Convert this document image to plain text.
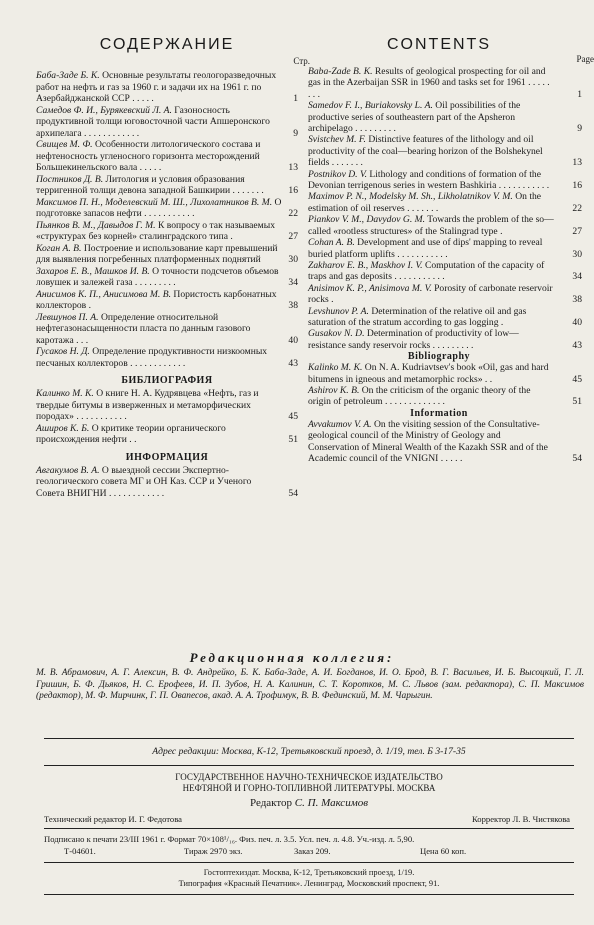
СОДЕРЖАНИЕ
Стр.
Баба-Заде Б. К. Основные результаты геологоразведочных работ на нефть и газ за 1960 г. и задачи их на 1961 г. по Азербайджанской ССР . . . . .	1
Самедов Ф. И., Бурякевский Л. А. Газоносность продуктивной толщи юговосточной части Апшеронского архипелага . . . . . . . . . . . .	9
Свищев М. Ф. Особенности литологического состава и нефтеносность угленосного горизонта месторождений Большекинельского вала . . . . .	13
Постников Д. В. Литология и условия образования терригенной толщи девона западной Башкирии . . . . . . .	16
Максимов П. Н., Моделевский М. Ш., Лихолатников В. М. О подготовке запасов нефти . . . . . . . . . . .	22
Пьянков В. М., Давыдов Г. М. К вопросу о так называемых «структурах без корней» сталинградского типа .	27
Коган А. В. Построение и использование карт превышений для выявления погребенных платформенных поднятий	30
Захаров Е. В., Машков И. В. О точности подсчетов объемов ловушек и залежей газа . . . . . . . . .	34
Анисимов К. П., Анисимова М. В. Пористость карбонатных коллекторов .	38
Левшунов П. А. Определение относительной нефтегазонасыщенности пласта по данным газового каротажа . . .	40
Гусаков Н. Д. Определение продуктивности низкоомных песчаных коллекторов . . . . . . . . . . . .	43
БИБЛИОГРАФИЯ
Калинко М. К. О книге Н. А. Кудрявцева «Нефть, газ и твердые битумы в изверженных и метаморфических породах» . . . . . . . . . . .	45
Аширов К. Б. О критике теории органического происхождения нефти . .	51
ИНФОРМАЦИЯ
Авгакумов В. А. О выездной сессии Экспертно-геологического совета МГ и ОН Каз. ССР и Ученого Совета ВНИГНИ . . . . . . . . . . . .	54
CONTENTS
Page
Baba-Zade B. K. Results of geological prospecting for oil and gas in the Azerbaijan SSR in 1960 and tasks set for 1961 . . . . . . . .	1
Samedov F. I., Buriakovsky L. A. Oil possibilities of the productive series of southeastern part of the Apsheron archipelago . . . . . . . . .	9
Svistchev M. F. Distinctive features of the lithology and oil productivity of the coal—bearing horizon of the Bolshekynel fields . . . . . . .	13
Postnikov D. V. Lithology and conditions of formation of the Devonian terrigenous series in western Bashkiria . . . . . . . . . . . 16
Maximov P. N., Modelsky M. Sh., Likholatnikov V. M. On the estimation of oil reserves . . . . . . .	22
Piankov V. M., Davydov G. M. Towards the problem of the so—called «rootless structures» of the Stalingrad type .	27
Cohan A. B. Development and use of dips' mapping to reveal buried platform uplifts . . . . . . . . . . .	30
Zakharov E. B., Maskhov I. V. Computation of the capacity of traps and gas deposits . . . . . . . . . . .	34
Anisimov K. P., Anisimova M. V. Porosity of carbonate reservoir rocks .	38
Levshunov P. A. Determination of the relative oil and gas saturation of the stratum according to gas logging .	40
Gusakov N. D. Determination of productivity of low—resistance sandy reservoir rocks . . . . . . . . .	43
Bibliography
Kalinko M. K. On N. A. Kudriavtsev's book «Oil, gas and hard bitumens in igneous and metamorphic rocks» . .	45
Ashirov K. B. On the criticism of the organic theory of the origin of petroleum . . . . . . . . . . . . .	51
Information
Avvakumov V. A. On the visiting session of the Consultative-geological council of the Ministry of Geology and Conservation of Mineral Wealth of the Kazakh SSR and of the Academic council of the VNIGNI . . . . .	54
Редакционная коллегия:
М. В. Абрамович, А. Г. Алексин, В. Ф. Андрейко, Б. К. Баба-Заде, А. И. Богданов, И. О. Брод, В. Г. Васильев, И. Б. Высоцкий, Г. Л. Гришин, Б. Ф. Дьяков, Н. С. Ерофеев, И. П. Зубов, Н. А. Калинин, С. Т. Коротков, М. С. Львов (зам. редактора), С. П. Максимов (редактор), М. Ф. Мирчинк, Г. П. Овапесов, акад. А. А. Трофимук, В. В. Фединский, М. М. Чарыгин.
Адрес редакции: Москва, К-12, Третьяковский проезд, д. 1/19, тел. Б 3-17-35
ГОСУДАРСТВЕННОЕ НАУЧНО-ТЕХНИЧЕСКОЕ ИЗДАТЕЛЬСТВО
НЕФТЯНОЙ И ГОРНО-ТОПЛИВНОЙ ЛИТЕРАТУРЫ. МОСКВА
Редактор С. П. Максимов
Технический редактор И. Г. Федотова	Корректор Л. В. Чистякова
Подписано к печати 23/III 1961 г. Формат 70×108¹/₁₆. Физ. печ. л. 3.5. Усл. печ. л. 4.8. Уч.-изд. л. 5,90.
Т-04601.	Тираж 2970 экз.	Заказ 209.	Цена 60 коп.
Гостоптехиздат. Москва, К-12, Третьяковский проезд, 1/19.
Типография «Красный Печатник». Ленинград, Московский проспект, 91.
